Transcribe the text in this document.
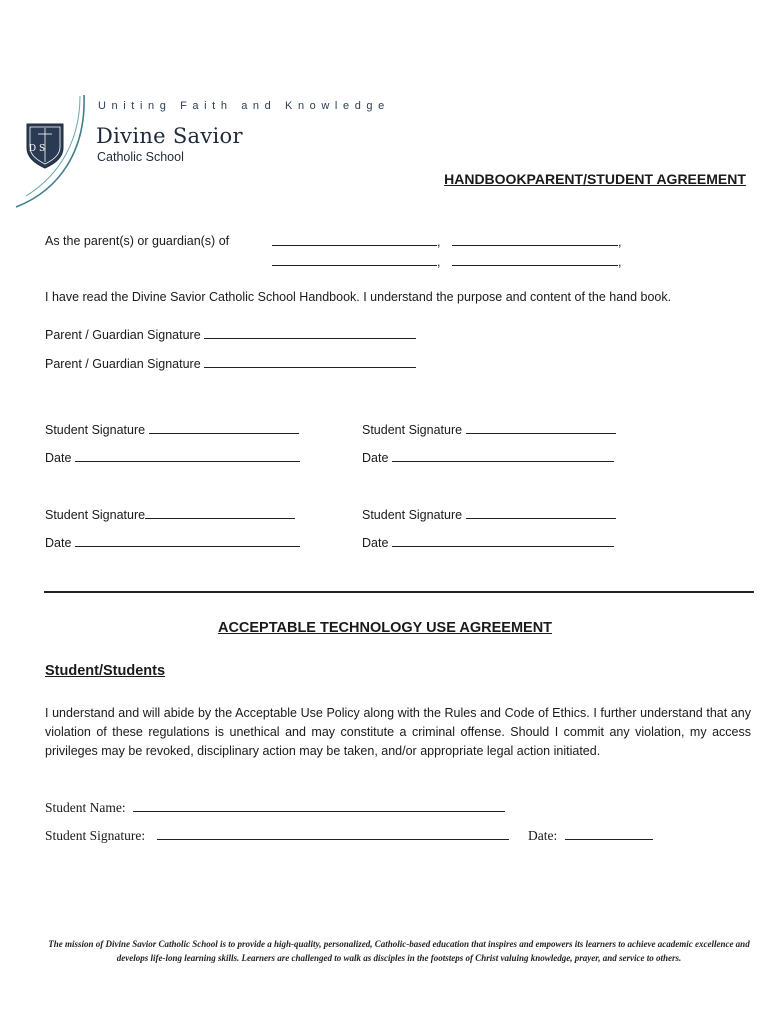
D S
Uniting Faith and Knowledge
Divine Savior
Catholic School
HANDBOOKPARENT/STUDENT AGREEMENT
As the parent(s) or guardian(s) of	,	,
,	,
I have read the Divine Savior Catholic School Handbook. I understand the purpose and content of the hand book.
Parent / Guardian Signature
Parent / Guardian Signature
Student Signature	Student Signature
Date	Date
Student Signature	Student Signature
Date	Date
ACCEPTABLE TECHNOLOGY USE AGREEMENT
Student/Students
I understand and will abide by the Acceptable Use Policy along with the Rules and Code of Ethics. I further understand that any violation of these regulations is unethical and may constitute a criminal offense. Should I commit any violation, my access privileges may be revoked, disciplinary action may be taken, and/or appropriate legal action initiated.
Student Name:
Student Signature:	Date:
The mission of Divine Savior Catholic School is to provide a high-quality, personalized, Catholic-based education that inspires and empowers its learners to achieve academic excellence and develops life-long learning skills. Learners are challenged to walk as disciples in the footsteps of Christ valuing knowledge, prayer, and service to others.
